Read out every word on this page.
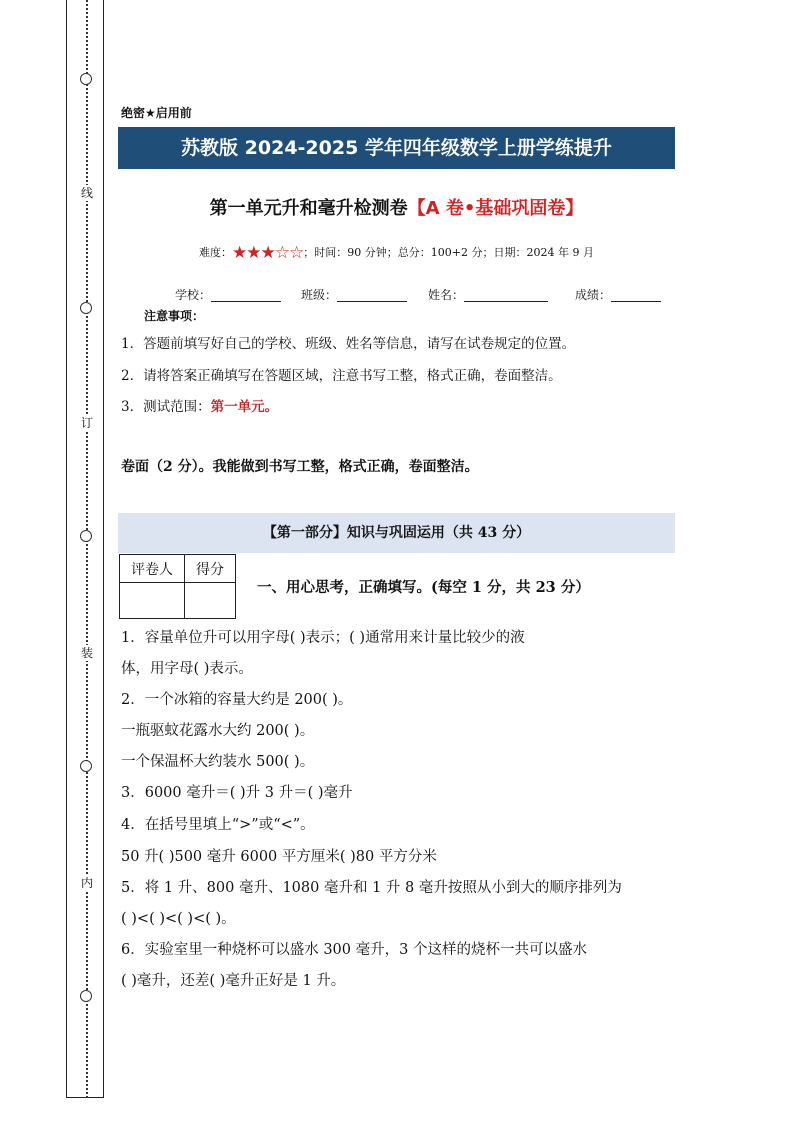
线
订
装
内
绝密★启用前
苏教版 2024-2025 学年四年级数学上册学练提升
第一单元升和毫升检测卷【A 卷•基础巩固卷】
难度：★★★☆☆；时间：90 分钟；总分：100+2 分；日期：2024 年 9 月
学校：	班级：	姓名：	成绩：
注意事项：
1．答题前填写好自己的学校、班级、姓名等信息，请写在试卷规定的位置。
2．请将答案正确填写在答题区域，注意书写工整，格式正确，卷面整洁。
3．测试范围：第一单元。
卷面（2 分）。我能做到书写工整，格式正确，卷面整洁。
【第一部分】知识与巩固运用（共 43 分）
评卷人	得分

一、用心思考，正确填写。(每空 1 分，共 23 分）
1．容量单位升可以用字母( )表示；( )通常用来计量比较少的液
体，用字母( )表示。
2．一个冰箱的容量大约是 200( )。
一瓶驱蚊花露水大约 200( )。
一个保温杯大约装水 500( )。
3．6000 毫升＝( )升 3 升＝( )毫升
4．在括号里填上“>”或“<”。
50 升( )500 毫升 6000 平方厘米( )80 平方分米
5．将 1 升、800 毫升、1080 毫升和 1 升 8 毫升按照从小到大的顺序排列为
( )<( )<( )<( )。
6．实验室里一种烧杯可以盛水 300 毫升，3 个这样的烧杯一共可以盛水
( )毫升，还差( )毫升正好是 1 升。
